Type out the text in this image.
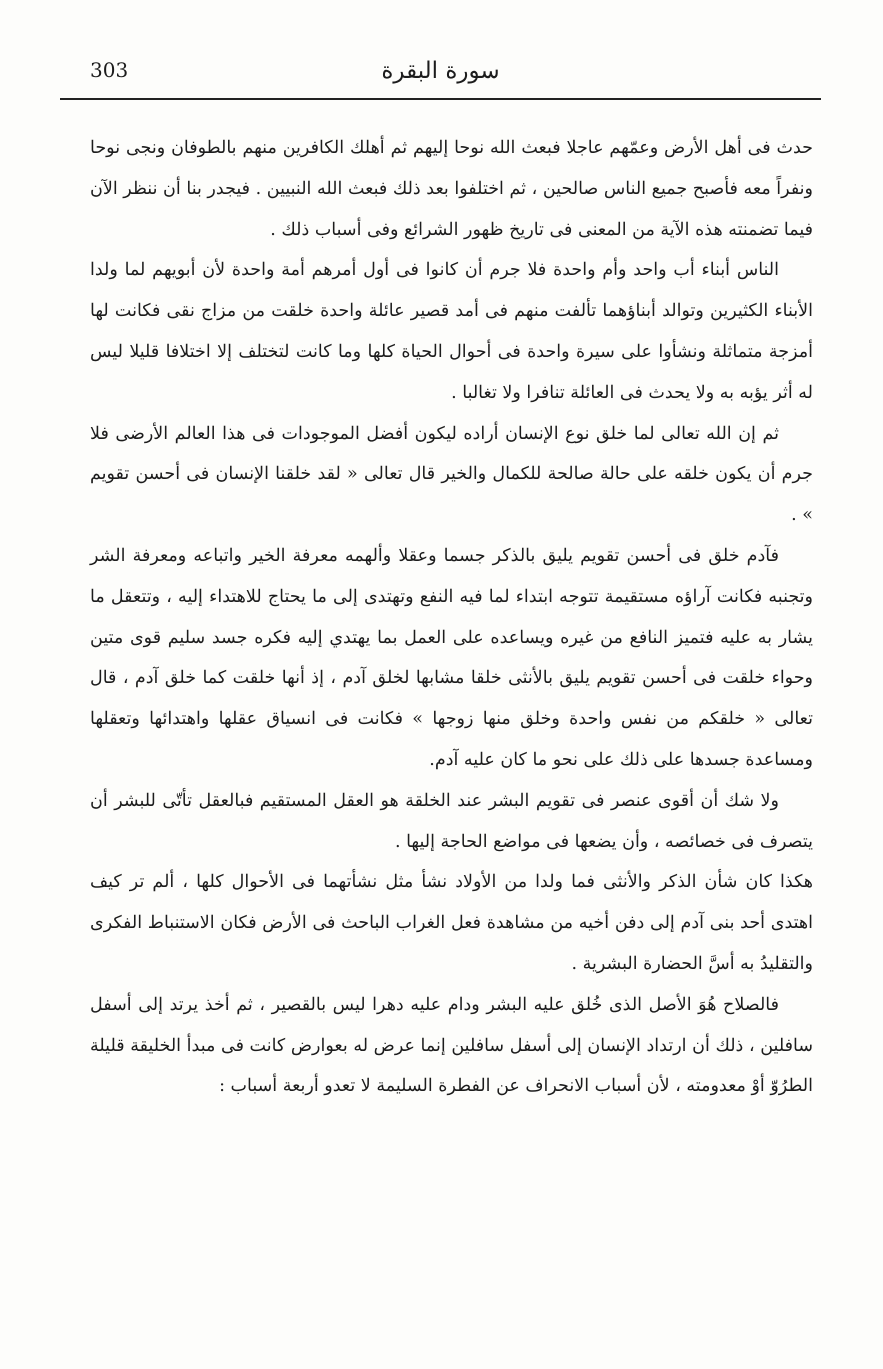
303	سورة البقرة

حدث فى أهل الأرض وعمّهم عاجلا فبعث الله نوحا إليهم ثم أهلك الكافرين منهم بالطوفان ونجى نوحا ونفراً معه فأصبح جميع الناس صالحين ، ثم اختلفوا بعد ذلك فبعث الله النبيين . فيجدر بنا أن ننظر الآن فيما تضمنته هذه الآية من المعنى فى تاريخ ظهور الشرائع وفى أسباب ذلك .

الناس أبناء أب واحد وأم واحدة فلا جرم أن كانوا فى أول أمرهم أمة واحدة لأن أبويهم لما ولدا الأبناء الكثيرين وتوالد أبناؤهما تألفت منهم فى أمد قصير عائلة واحدة خلقت من مزاج نقى فكانت لها أمزجة متماثلة ونشأوا على سيرة واحدة فى أحوال الحياة كلها وما كانت لتختلف إلا اختلافا قليلا ليس له أثر يؤبه به ولا يحدث فى العائلة تنافرا ولا تغالبا .

ثم إن الله تعالى لما خلق نوع الإنسان أراده ليكون أفضل الموجودات فى هذا العالم الأرضى فلا جرم أن يكون خلقه على حالة صالحة للكمال والخير قال تعالى « لقد خلقنا الإنسان فى أحسن تقويم » .

فآدم خلق فى أحسن تقويم يليق بالذكر جسما وعقلا وألهمه معرفة الخير واتباعه ومعرفة الشر وتجنبه فكانت آراؤه مستقيمة تتوجه ابتداء لما فيه النفع وتهتدى إلى ما يحتاج للاهتداء إليه ، وتتعقل ما يشار به عليه فتميز النافع من غيره ويساعده على العمل بما يهتدي إليه فكره جسد سليم قوى متين وحواء خلقت فى أحسن تقويم يليق بالأنثى خلقا مشابها لخلق آدم ، إذ أنها خلقت كما خلق آدم ، قال تعالى « خلقكم من نفس واحدة وخلق منها زوجها » فكانت فى انسياق عقلها واهتدائها وتعقلها ومساعدة جسدها على ذلك على نحو ما كان عليه آدم.

ولا شك أن أقوى عنصر فى تقويم البشر عند الخلقة هو العقل المستقيم فبالعقل تأتّى للبشر أن يتصرف فى خصائصه ، وأن يضعها فى مواضع الحاجة إليها .

هكذا كان شأن الذكر والأنثى فما ولدا من الأولاد نشأ مثل نشأتهما فى الأحوال كلها ، ألم تر كيف اهتدى أحد بنى آدم إلى دفن أخيه من مشاهدة فعل الغراب الباحث فى الأرض فكان الاستنباط الفكرى والتقليدُ به أسَّ الحضارة البشرية .

فالصلاح هُوَ الأصل الذى خُلق عليه البشر ودام عليه دهرا ليس بالقصير ، ثم أخذ يرتد إلى أسفل سافلين ، ذلك أن ارتداد الإنسان إلى أسفل سافلين إنما عرض له بعوارض كانت فى مبدأ الخليقة قليلة الطرُوّ أوْ معدومته ، لأن أسباب الانحراف عن الفطرة السليمة لا تعدو أربعة أسباب :
